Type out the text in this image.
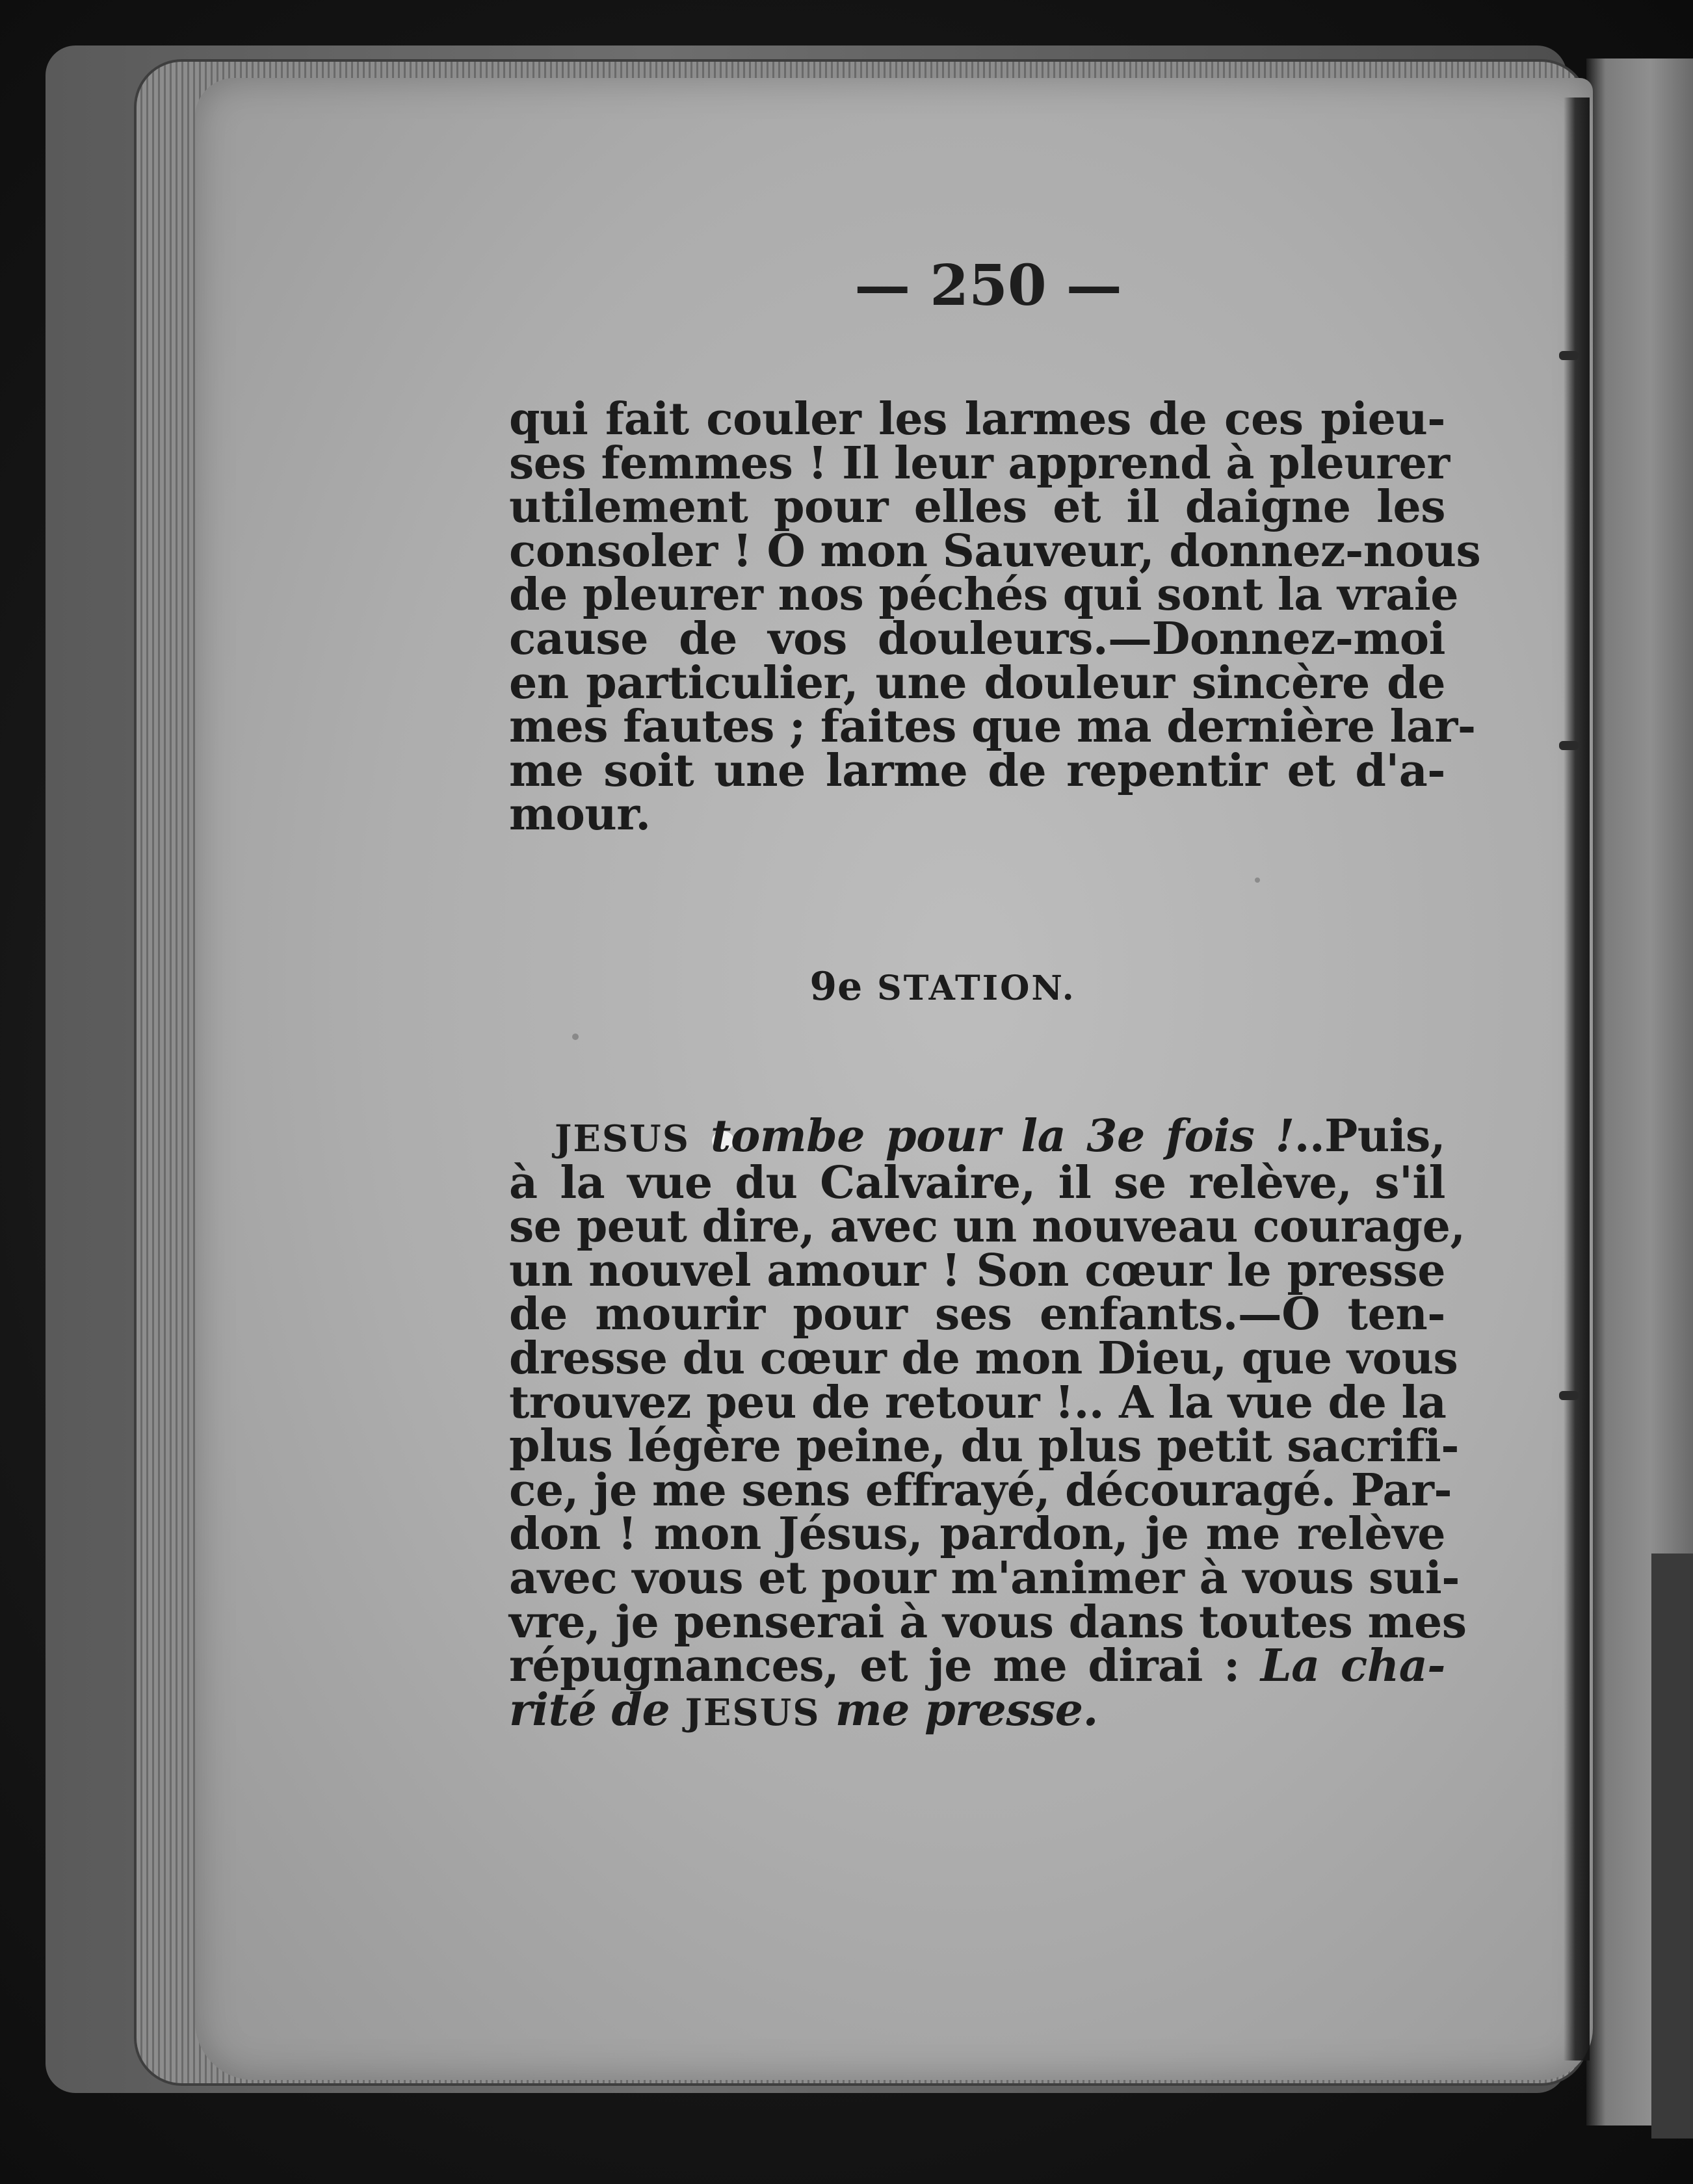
— 250 —
qui fait couler les larmes de ces pieu-
ses femmes ! Il leur apprend à pleurer
utilement pour elles et il daigne les
consoler ! O mon Sauveur, donnez-nous
de pleurer nos péchés qui sont la vraie
cause de vos douleurs.—Donnez-moi
en particulier, une douleur sincère de
mes fautes ; faites que ma dernière lar-
me soit une larme de repentir et d'a-
mour.
9e STATION.
JESUS tombe pour la 3e fois !..Puis,
à la vue du Calvaire, il se relève, s'il
se peut dire, avec un nouveau courage,
un nouvel amour ! Son cœur le presse
de mourir pour ses enfants.—O ten-
dresse du cœur de mon Dieu, que vous
trouvez peu de retour !.. A la vue de la
plus légère peine, du plus petit sacrifi-
ce, je me sens effrayé, découragé. Par-
don ! mon Jésus, pardon, je me relève
avec vous et pour m'animer à vous sui-
vre, je penserai à vous dans toutes mes
répugnances, et je me dirai : La cha-
rité de JESUS me presse.
